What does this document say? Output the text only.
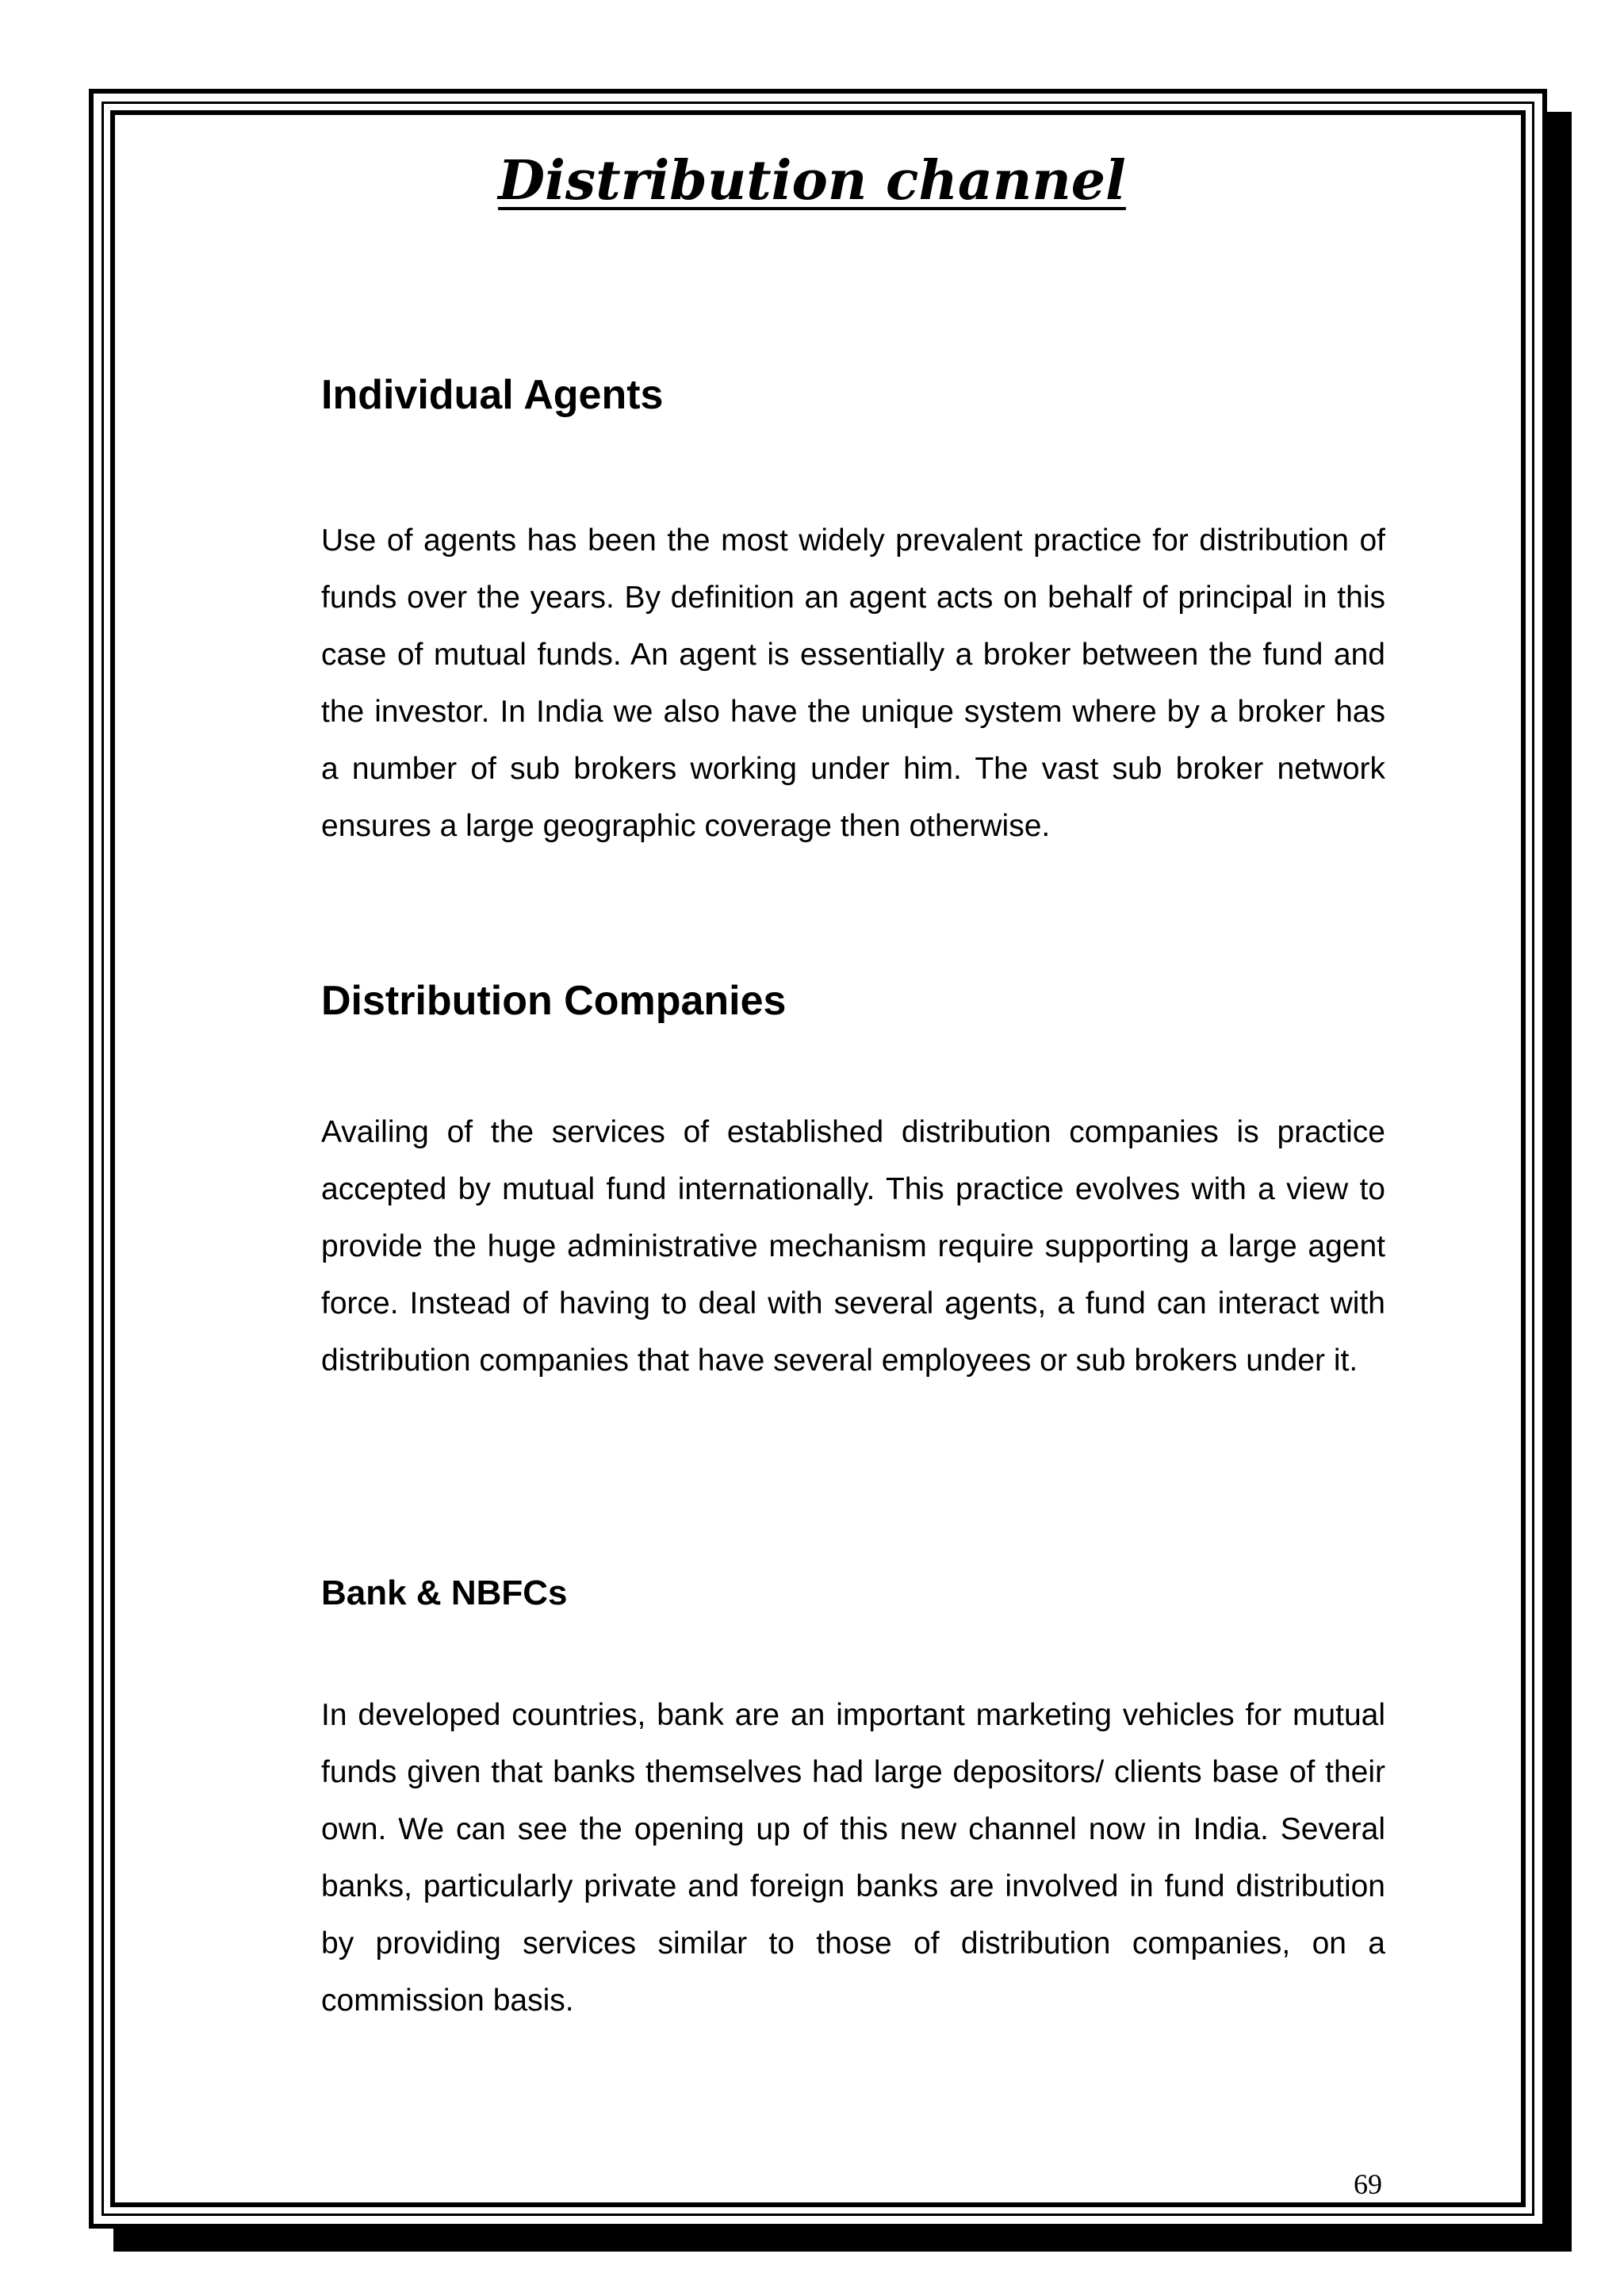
Distribution channel
Individual Agents

Use of agents has been the most widely prevalent practice for distribution of funds over the years. By definition an agent acts on behalf of principal in this case of mutual funds. An agent is essentially a broker between the fund and the investor. In India we also have the unique system where by a broker has a number of sub brokers working under him. The vast sub broker network ensures a large geographic coverage then otherwise.

Distribution Companies

Availing of the services of established distribution companies is practice accepted by mutual fund internationally. This practice evolves with a view to provide the huge administrative mechanism require supporting a large agent force. Instead of having to deal with several agents, a fund can interact with distribution companies that have several employees or sub brokers under it.

Bank & NBFCs

In developed countries, bank are an important marketing vehicles for mutual funds given that banks themselves had large depositors/ clients base of their own. We can see the opening up of this new channel now in India. Several banks, particularly private and foreign banks are involved in fund distribution by providing services similar to those of distribution companies, on a commission basis.

69
